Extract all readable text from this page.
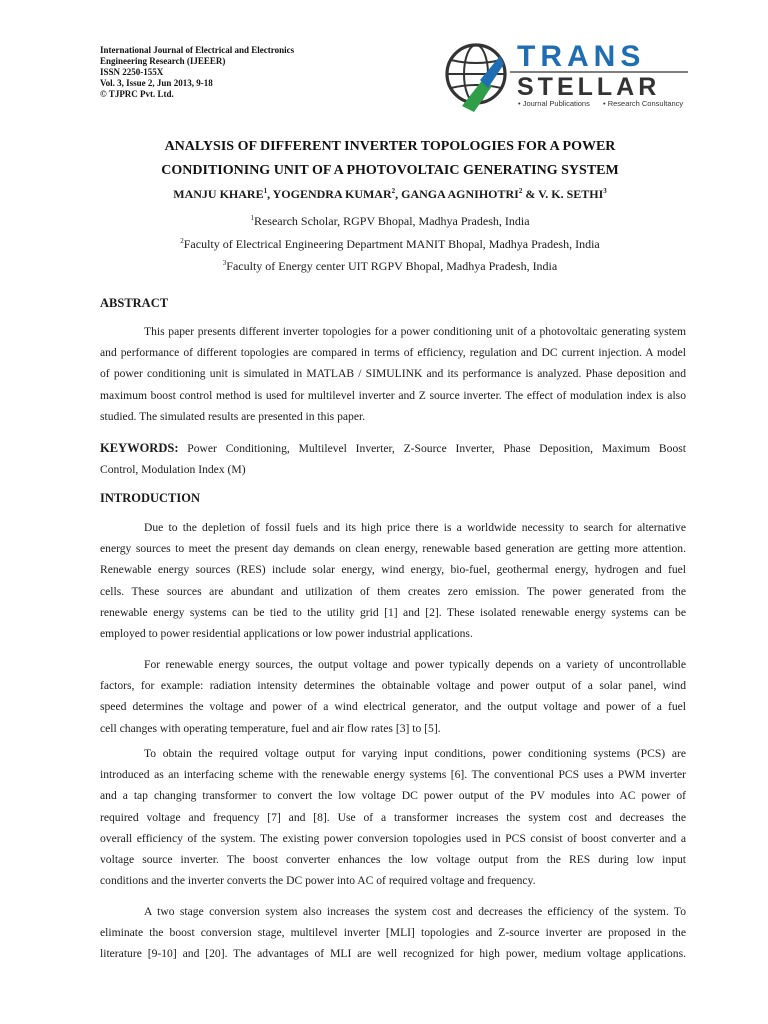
International Journal of Electrical and Electronics
Engineering Research (IJEEER)
ISSN 2250-155X
Vol. 3, Issue 2, Jun 2013, 9-18
© TJPRC Pvt. Ltd.
TRANS
STELLAR
• Journal Publications • Research Consultancy
ANALYSIS OF DIFFERENT INVERTER TOPOLOGIES FOR A POWER
CONDITIONING UNIT OF A PHOTOVOLTAIC GENERATING SYSTEM
MANJU KHARE$^1$, YOGENDRA KUMAR$^2$, GANGA AGNIHOTRI$^2$ & V. K. SETHI$^3$
$^1$Research Scholar, RGPV Bhopal, Madhya Pradesh, India
$^2$Faculty of Electrical Engineering Department MANIT Bhopal, Madhya Pradesh, India
$^3$Faculty of Energy center UIT RGPV Bhopal, Madhya Pradesh, India
ABSTRACT
This paper presents different inverter topologies for a power conditioning unit of a photovoltaic generating system
and performance of different topologies are compared in terms of efficiency, regulation and DC current injection. A model
of power conditioning unit is simulated in MATLAB / SIMULINK and its performance is analyzed. Phase deposition and
maximum boost control method is used for multilevel inverter and Z source inverter. The effect of modulation index is also
studied. The simulated results are presented in this paper.
KEYWORDS: Power Conditioning, Multilevel Inverter, Z-Source Inverter, Phase Deposition, Maximum Boost
Control, Modulation Index (M)
INTRODUCTION
Due to the depletion of fossil fuels and its high price there is a worldwide necessity to search for alternative
energy sources to meet the present day demands on clean energy, renewable based generation are getting more attention.
Renewable energy sources (RES) include solar energy, wind energy, bio-fuel, geothermal energy, hydrogen and fuel
cells. These sources are abundant and utilization of them creates zero emission. The power generated from the
renewable energy systems can be tied to the utility grid [1] and [2]. These isolated renewable energy systems can be
employed to power residential applications or low power industrial applications.
For renewable energy sources, the output voltage and power typically depends on a variety of uncontrollable
factors, for example: radiation intensity determines the obtainable voltage and power output of a solar panel, wind
speed determines the voltage and power of a wind electrical generator, and the output voltage and power of a fuel
cell changes with operating temperature, fuel and air flow rates [3] to [5].
To obtain the required voltage output for varying input conditions, power conditioning systems (PCS) are
introduced as an interfacing scheme with the renewable energy systems [6]. The conventional PCS uses a PWM inverter
and a tap changing transformer to convert the low voltage DC power output of the PV modules into AC power of
required voltage and frequency [7] and [8]. Use of a transformer increases the system cost and decreases the
overall efficiency of the system. The existing power conversion topologies used in PCS consist of boost converter and a
voltage source inverter. The boost converter enhances the low voltage output from the RES during low input
conditions and the inverter converts the DC power into AC of required voltage and frequency.
A two stage conversion system also increases the system cost and decreases the efficiency of the system. To
eliminate the boost conversion stage, multilevel inverter [MLI] topologies and Z-source inverter are proposed in the
literature [9-10] and [20]. The advantages of MLI are well recognized for high power, medium voltage applications.
